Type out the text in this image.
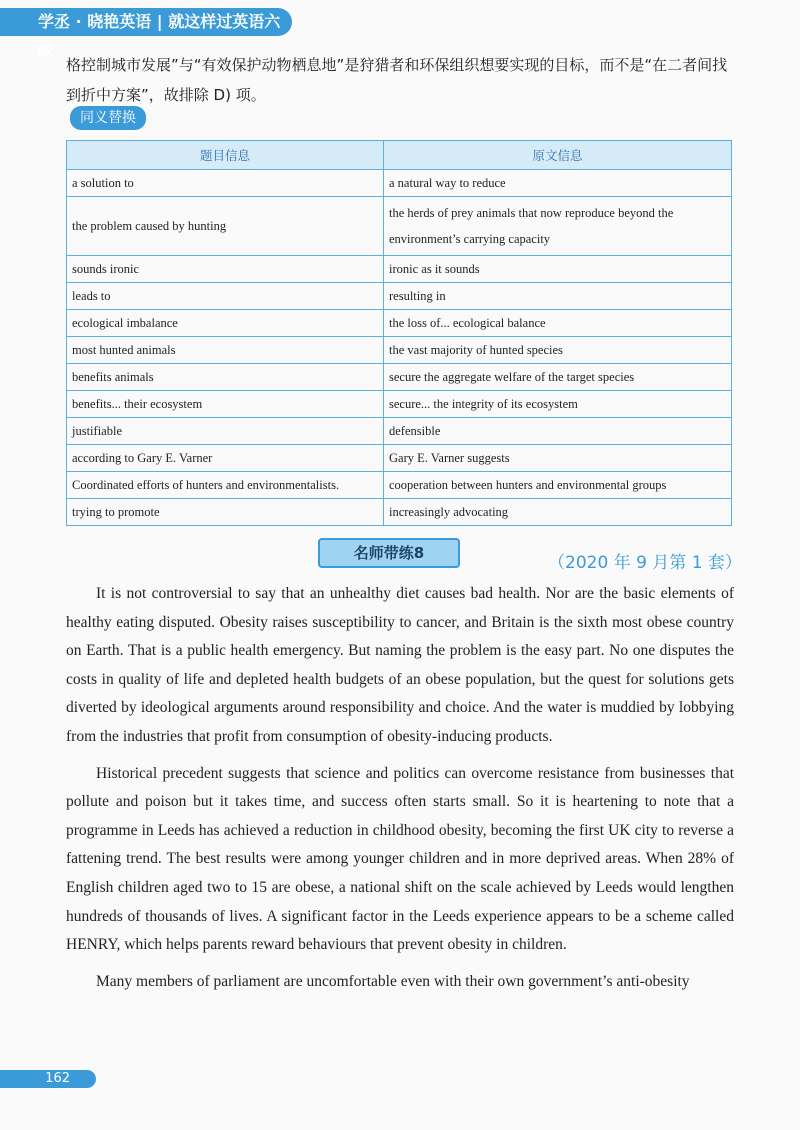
学丞 · 晓艳英语 | 就这样过英语六级

格控制城市发展”与“有效保护动物栖息地”是狩猎者和环保组织想要实现的目标，而不是“在二者间找到折中方案”，故排除 D) 项。

同义替换
题目信息	原文信息
a solution to	a natural way to reduce
the problem caused by hunting	the herds of prey animals that now reproduce beyond the environment’s carrying capacity
sounds ironic	ironic as it sounds
leads to	resulting in
ecological imbalance	the loss of... ecological balance
most hunted animals	the vast majority of hunted species
benefits animals	secure the aggregate welfare of the target species
benefits... their ecosystem	secure... the integrity of its ecosystem
justifiable	defensible
according to Gary E. Varner	Gary E. Varner suggests
Coordinated efforts of hunters and environmentalists.	cooperation between hunters and environmental groups
trying to promote	increasingly advocating
名师带练8	（2020 年 9 月第 1 套）

It is not controversial to say that an unhealthy diet causes bad health. Nor are the basic elements of healthy eating disputed. Obesity raises susceptibility to cancer, and Britain is the sixth most obese country on Earth. That is a public health emergency. But naming the problem is the easy part. No one disputes the costs in quality of life and depleted health budgets of an obese population, but the quest for solutions gets diverted by ideological arguments around responsibility and choice. And the water is muddied by lobbying from the industries that profit from consumption of obesity-inducing products.

Historical precedent suggests that science and politics can overcome resistance from businesses that pollute and poison but it takes time, and success often starts small. So it is heartening to note that a programme in Leeds has achieved a reduction in childhood obesity, becoming the first UK city to reverse a fattening trend. The best results were among younger children and in more deprived areas. When 28% of English children aged two to 15 are obese, a national shift on the scale achieved by Leeds would lengthen hundreds of thousands of lives. A significant factor in the Leeds experience appears to be a scheme called HENRY, which helps parents reward behaviours that prevent obesity in children.

Many members of parliament are uncomfortable even with their own government’s anti-obesity

162
